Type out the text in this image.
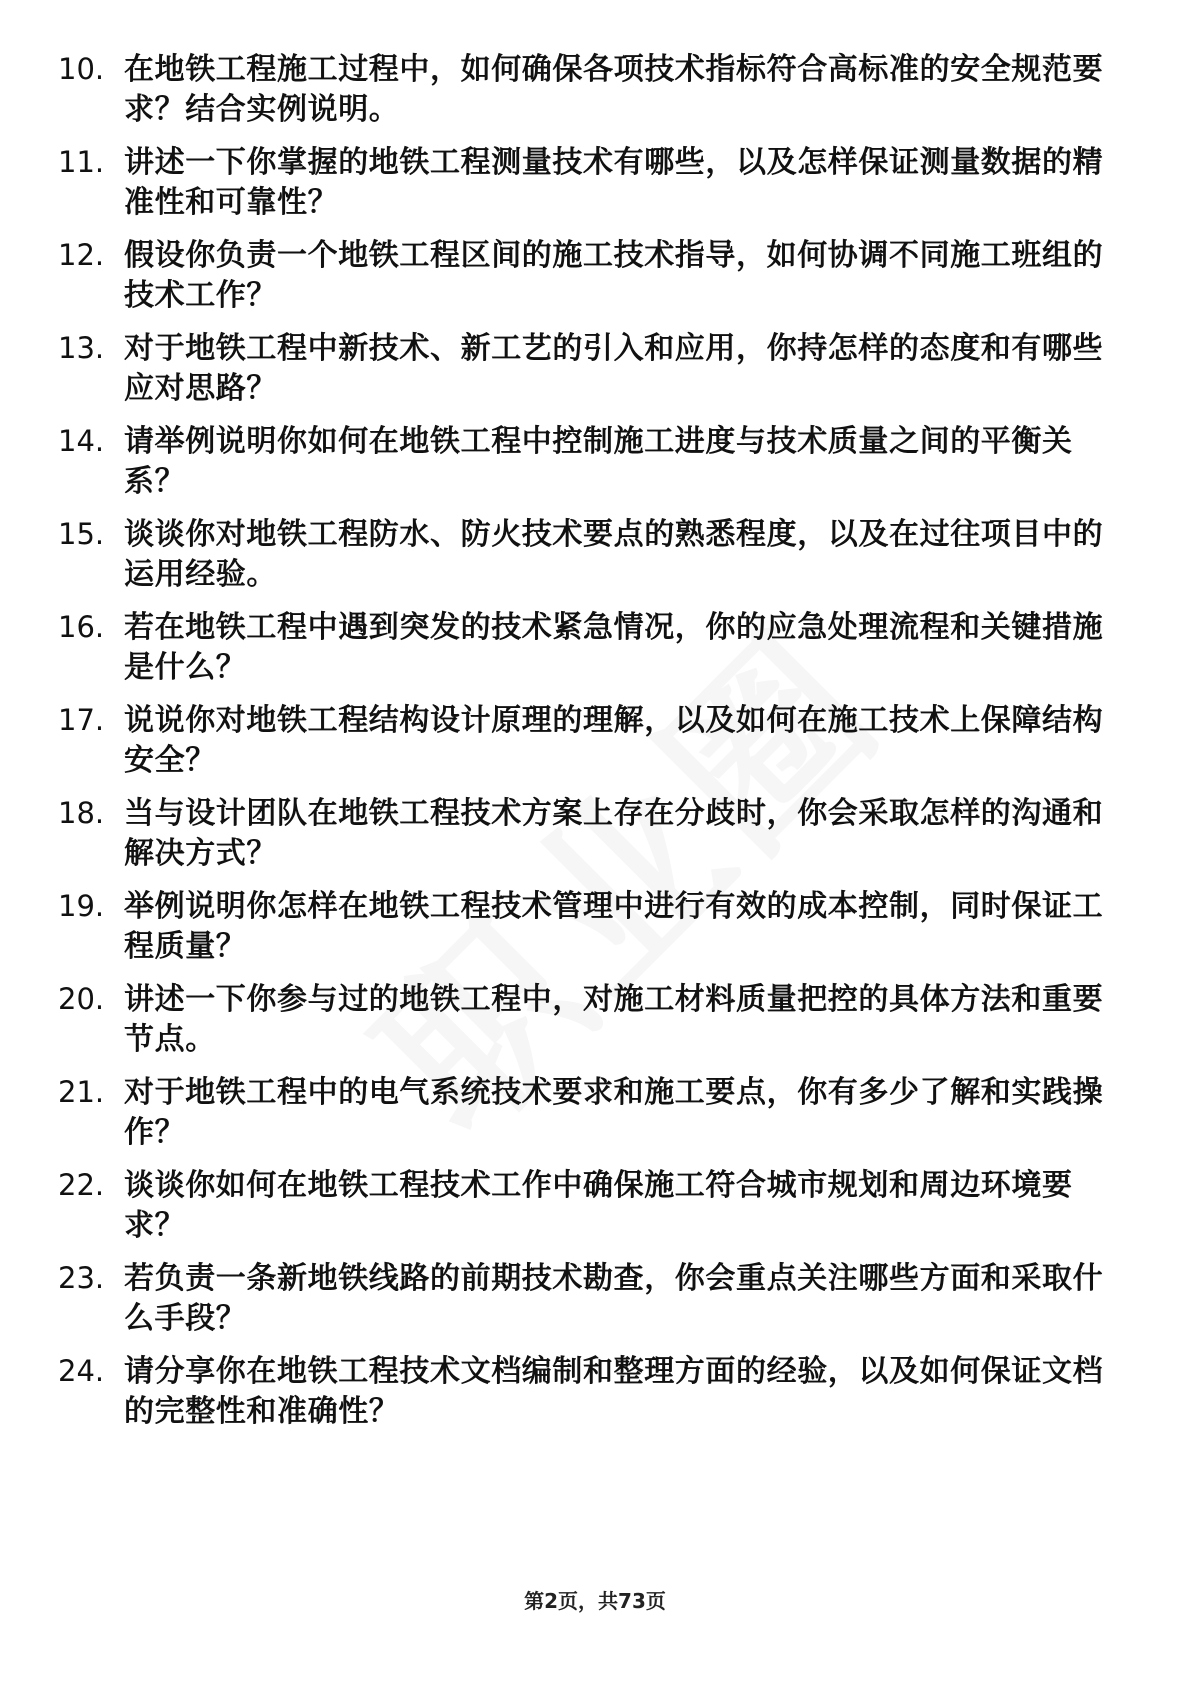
10. 在地铁工程施工过程中，如何确保各项技术指标符合高标准的安全规范要求？结合实例说明。
11. 讲述一下你掌握的地铁工程测量技术有哪些，以及怎样保证测量数据的精准性和可靠性？
12. 假设你负责一个地铁工程区间的施工技术指导，如何协调不同施工班组的技术工作？
13. 对于地铁工程中新技术、新工艺的引入和应用，你持怎样的态度和有哪些应对思路？
14. 请举例说明你如何在地铁工程中控制施工进度与技术质量之间的平衡关系？
15. 谈谈你对地铁工程防水、防火技术要点的熟悉程度，以及在过往项目中的运用经验。
16. 若在地铁工程中遇到突发的技术紧急情况，你的应急处理流程和关键措施是什么？
17. 说说你对地铁工程结构设计原理的理解，以及如何在施工技术上保障结构安全？
18. 当与设计团队在地铁工程技术方案上存在分歧时，你会采取怎样的沟通和解决方式？
19. 举例说明你怎样在地铁工程技术管理中进行有效的成本控制，同时保证工程质量？
20. 讲述一下你参与过的地铁工程中，对施工材料质量把控的具体方法和重要节点。
21. 对于地铁工程中的电气系统技术要求和施工要点，你有多少了解和实践操作？
22. 谈谈你如何在地铁工程技术工作中确保施工符合城市规划和周边环境要求？
23. 若负责一条新地铁线路的前期技术勘查，你会重点关注哪些方面和采取什么手段？
24. 请分享你在地铁工程技术文档编制和整理方面的经验，以及如何保证文档的完整性和准确性？
第2页，共73页
